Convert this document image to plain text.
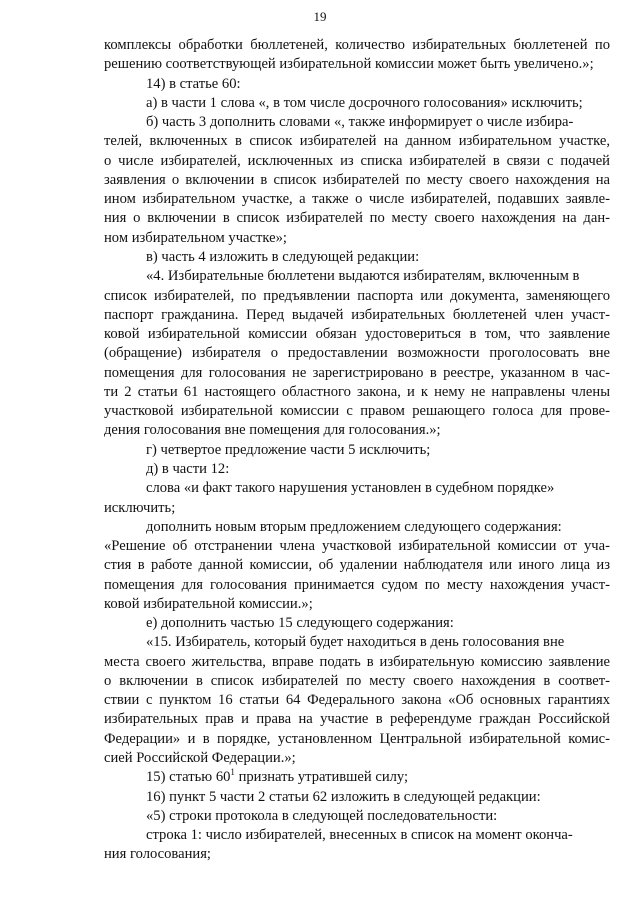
19
комплексы обработки бюллетеней, количество избирательных бюллетеней по
решению соответствующей избирательной комиссии может быть увеличено.»;
14) в статье 60:
а) в части 1 слова «, в том числе досрочного голосования» исключить;
б) часть 3 дополнить словами «, также информирует о числе избира-
телей, включенных в список избирателей на данном избирательном участке,
о числе избирателей, исключенных из списка избирателей в связи с подачей
заявления о включении в список избирателей по месту своего нахождения на
ином избирательном участке, а также о числе избирателей, подавших заявле-
ния о включении в список избирателей по месту своего нахождения на дан-
ном избирательном участке»;
в) часть 4 изложить в следующей редакции:
«4. Избирательные бюллетени выдаются избирателям, включенным в
список избирателей, по предъявлении паспорта или документа, заменяющего
паспорт гражданина. Перед выдачей избирательных бюллетеней член участ-
ковой избирательной комиссии обязан удостовериться в том, что заявление
(обращение) избирателя о предоставлении возможности проголосовать вне
помещения для голосования не зарегистрировано в реестре, указанном в час-
ти 2 статьи 61 настоящего областного закона, и к нему не направлены члены
участковой избирательной комиссии с правом решающего голоса для прове-
дения голосования вне помещения для голосования.»;
г) четвертое предложение части 5 исключить;
д) в части 12:
слова «и факт такого нарушения установлен в судебном порядке»
исключить;
дополнить новым вторым предложением следующего содержания:
«Решение об отстранении члена участковой избирательной комиссии от уча-
стия в работе данной комиссии, об удалении наблюдателя или иного лица из
помещения для голосования принимается судом по месту нахождения участ-
ковой избирательной комиссии.»;
е) дополнить частью 15 следующего содержания:
«15. Избиратель, который будет находиться в день голосования вне
места своего жительства, вправе подать в избирательную комиссию заявление
о включении в список избирателей по месту своего нахождения в соответ-
ствии с пунктом 16 статьи 64 Федерального закона «Об основных гарантиях
избирательных прав и права на участие в референдуме граждан Российской
Федерации» и в порядке, установленном Центральной избирательной комис-
сией Российской Федерации.»;
15) статью $60^1$ признать утратившей силу;
16) пункт 5 части 2 статьи 62 изложить в следующей редакции:
«5) строки протокола в следующей последовательности:
строка 1: число избирателей, внесенных в список на момент оконча-
ния голосования;
